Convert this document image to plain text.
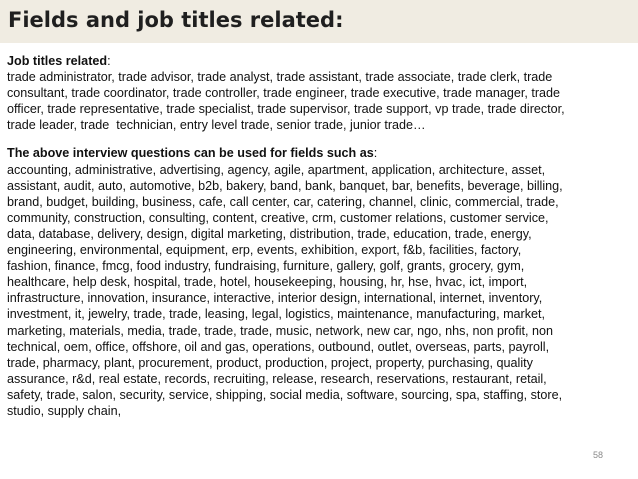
Fields and job titles related:

Job titles related:

trade administrator, trade advisor, trade analyst, trade assistant, trade associate, trade clerk, trade
consultant, trade coordinator, trade controller, trade engineer, trade executive, trade manager, trade
officer, trade representative, trade specialist, trade supervisor, trade support, vp trade, trade director,
trade leader, trade  technician, entry level trade, senior trade, junior trade…

The above interview questions can be used for fields such as:

accounting, administrative, advertising, agency, agile, apartment, application, architecture, asset,
assistant, audit, auto, automotive, b2b, bakery, band, bank, banquet, bar, benefits, beverage, billing,
brand, budget, building, business, cafe, call center, car, catering, channel, clinic, commercial, trade,
community, construction, consulting, content, creative, crm, customer relations, customer service,
data, database, delivery, design, digital marketing, distribution, trade, education, trade, energy,
engineering, environmental, equipment, erp, events, exhibition, export, f&b, facilities, factory,
fashion, finance, fmcg, food industry, fundraising, furniture, gallery, golf, grants, grocery, gym,
healthcare, help desk, hospital, trade, hotel, housekeeping, housing, hr, hse, hvac, ict, import,
infrastructure, innovation, insurance, interactive, interior design, international, internet, inventory,
investment, it, jewelry, trade, trade, leasing, legal, logistics, maintenance, manufacturing, market,
marketing, materials, media, trade, trade, trade, music, network, new car, ngo, nhs, non profit, non
technical, oem, office, offshore, oil and gas, operations, outbound, outlet, overseas, parts, payroll,
trade, pharmacy, plant, procurement, product, production, project, property, purchasing, quality
assurance, r&d, real estate, records, recruiting, release, research, reservations, restaurant, retail,
safety, trade, salon, security, service, shipping, social media, software, sourcing, spa, staffing, store,
studio, supply chain,
58
